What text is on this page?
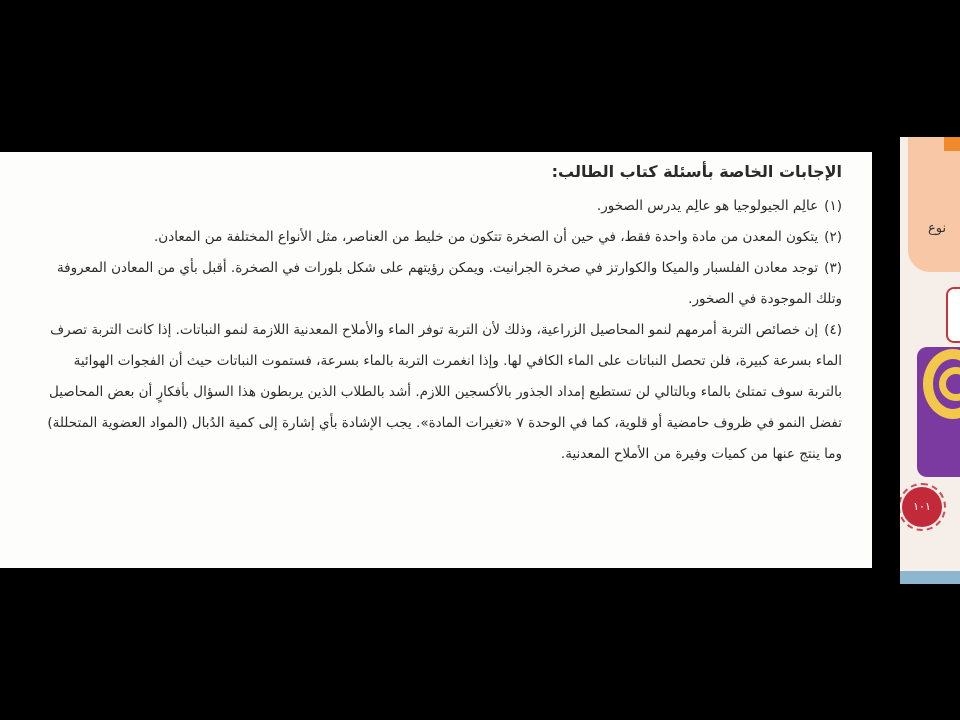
الإجابات الخاصة بأسئلة كتاب الطالب:
(١)عالِم الجيولوجيا هو عالِم يدرس الصخور.
(٢)يتكون المعدن من مادة واحدة فقط، في حين أن الصخرة تتكون من خليط من العناصر، مثل الأنواع المختلفة من المعادن.
(٣)توجد معادن الفلسبار والميكا والكوارتز في صخرة الجرانيت. ويمكن رؤيتهم على شكل بلورات في الصخرة. أقبل بأي من المعادن المعروفة وتلك الموجودة في الصخور.
(٤)إن خصائص التربة أمرمهم لنمو المحاصيل الزراعية، وذلك لأن التربة توفر الماء والأملاح المعدنية اللازمة لنمو النباتات. إذا كانت التربة تصرف الماء بسرعة كبيرة، فلن تحصل النباتات على الماء الكافي لها. وإذا انغمرت التربة بالماء بسرعة، فستموت النباتات حيث أن الفجوات الهوائية بالتربة سوف تمتلئ بالماء وبالتالي لن تستطيع إمداد الجذور بالأكسجين اللازم. أشد بالطلاب الذين يربطون هذا السؤال بأفكارٍ أن بعض المحاصيل تفضل النمو في ظروف حامضية أو قلوية، كما في الوحدة ٧ «تغيرات المادة». يجب الإشادة بأي إشارة إلى كمية الدُبال (المواد العضوية المتحللة) وما ينتج عنها من كميات وفيرة من الأملاح المعدنية.
نوع
١٠١
